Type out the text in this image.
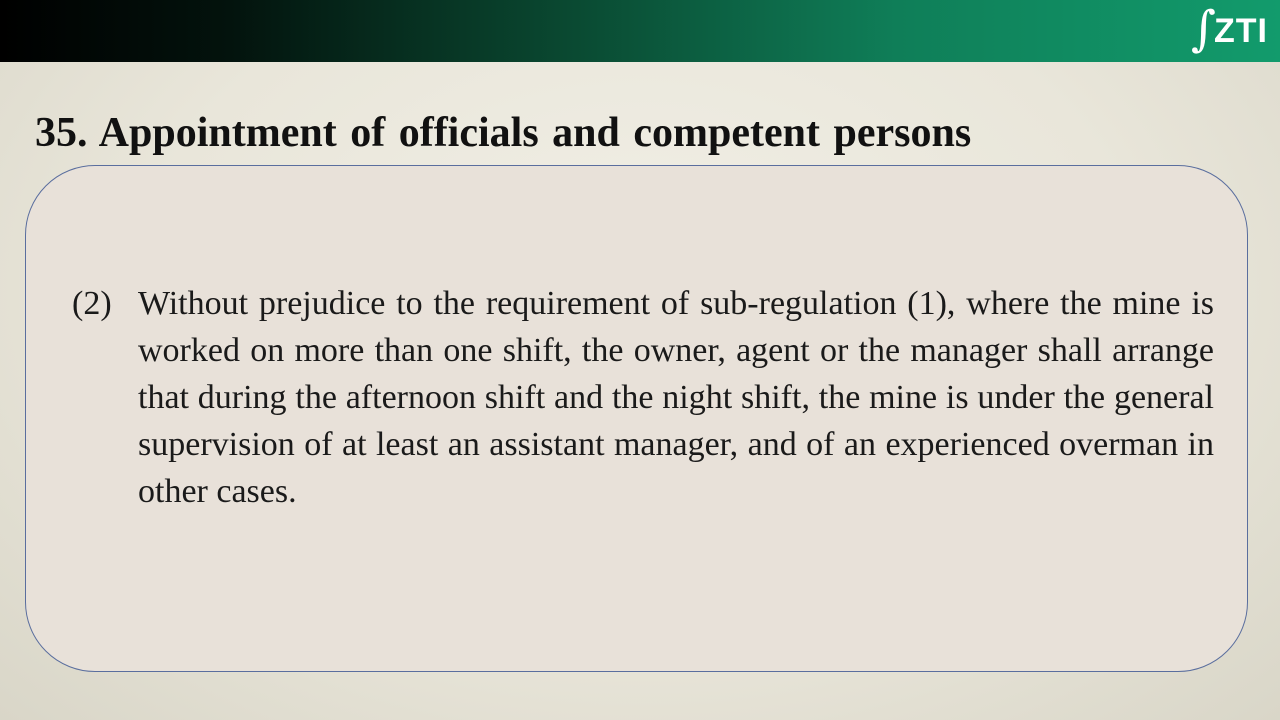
∫
ZTI
35. Appointment of officials and competent persons
(2) Without prejudice to the requirement of sub-regulation (1), where the mine is worked on more than one shift, the owner, agent or the manager shall arrange that during the afternoon shift and the night shift, the mine is under the general supervision of at least an assistant manager, and of an experienced overman in other cases.
